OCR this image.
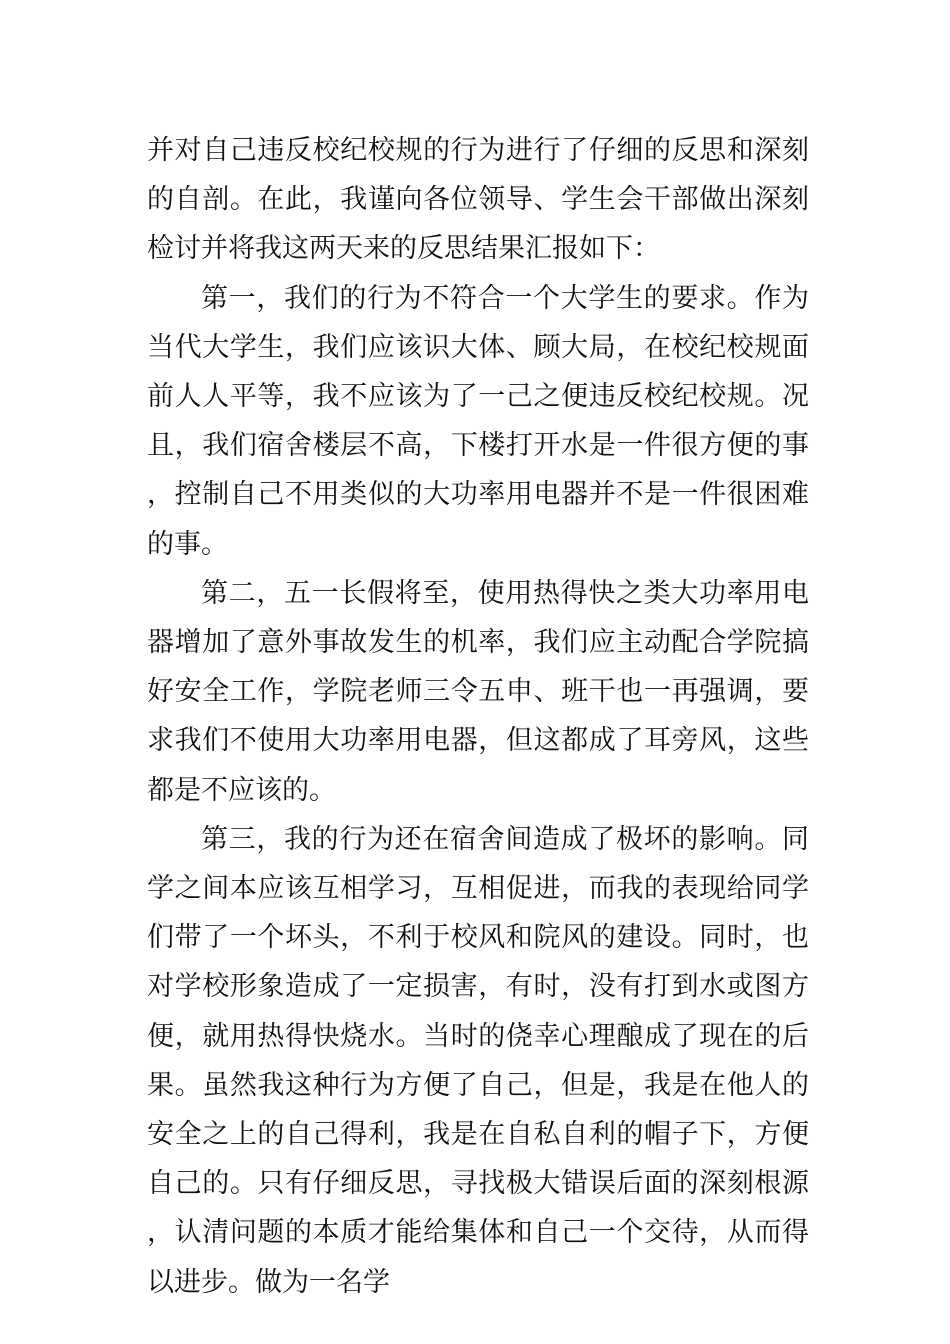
并对自己违反校纪校规的行为进行了仔细的反思和深刻的自剖。在此，我谨向各位领导、学生会干部做出深刻检讨并将我这两天来的反思结果汇报如下：

第一，我们的行为不符合一个大学生的要求。作为当代大学生，我们应该识大体、顾大局，在校纪校规面前人人平等，我不应该为了一己之便违反校纪校规。况且，我们宿舍楼层不高，下楼打开水是一件很方便的事，控制自己不用类似的大功率用电器并不是一件很困难的事。

第二，五一长假将至，使用热得快之类大功率用电器增加了意外事故发生的机率，我们应主动配合学院搞好安全工作，学院老师三令五申、班干也一再强调，要求我们不使用大功率用电器，但这都成了耳旁风，这些都是不应该的。

第三，我的行为还在宿舍间造成了极坏的影响。同学之间本应该互相学习，互相促进，而我的表现给同学们带了一个坏头，不利于校风和院风的建设。同时，也对学校形象造成了一定损害，有时，没有打到水或图方便，就用热得快烧水。当时的侥幸心理酿成了现在的后果。虽然我这种行为方便了自己，但是，我是在他人的安全之上的自己得利，我是在自私自利的帽子下，方便自己的。只有仔细反思，寻找极大错误后面的深刻根源，认清问题的本质才能给集体和自己一个交待，从而得以进步。做为一名学
